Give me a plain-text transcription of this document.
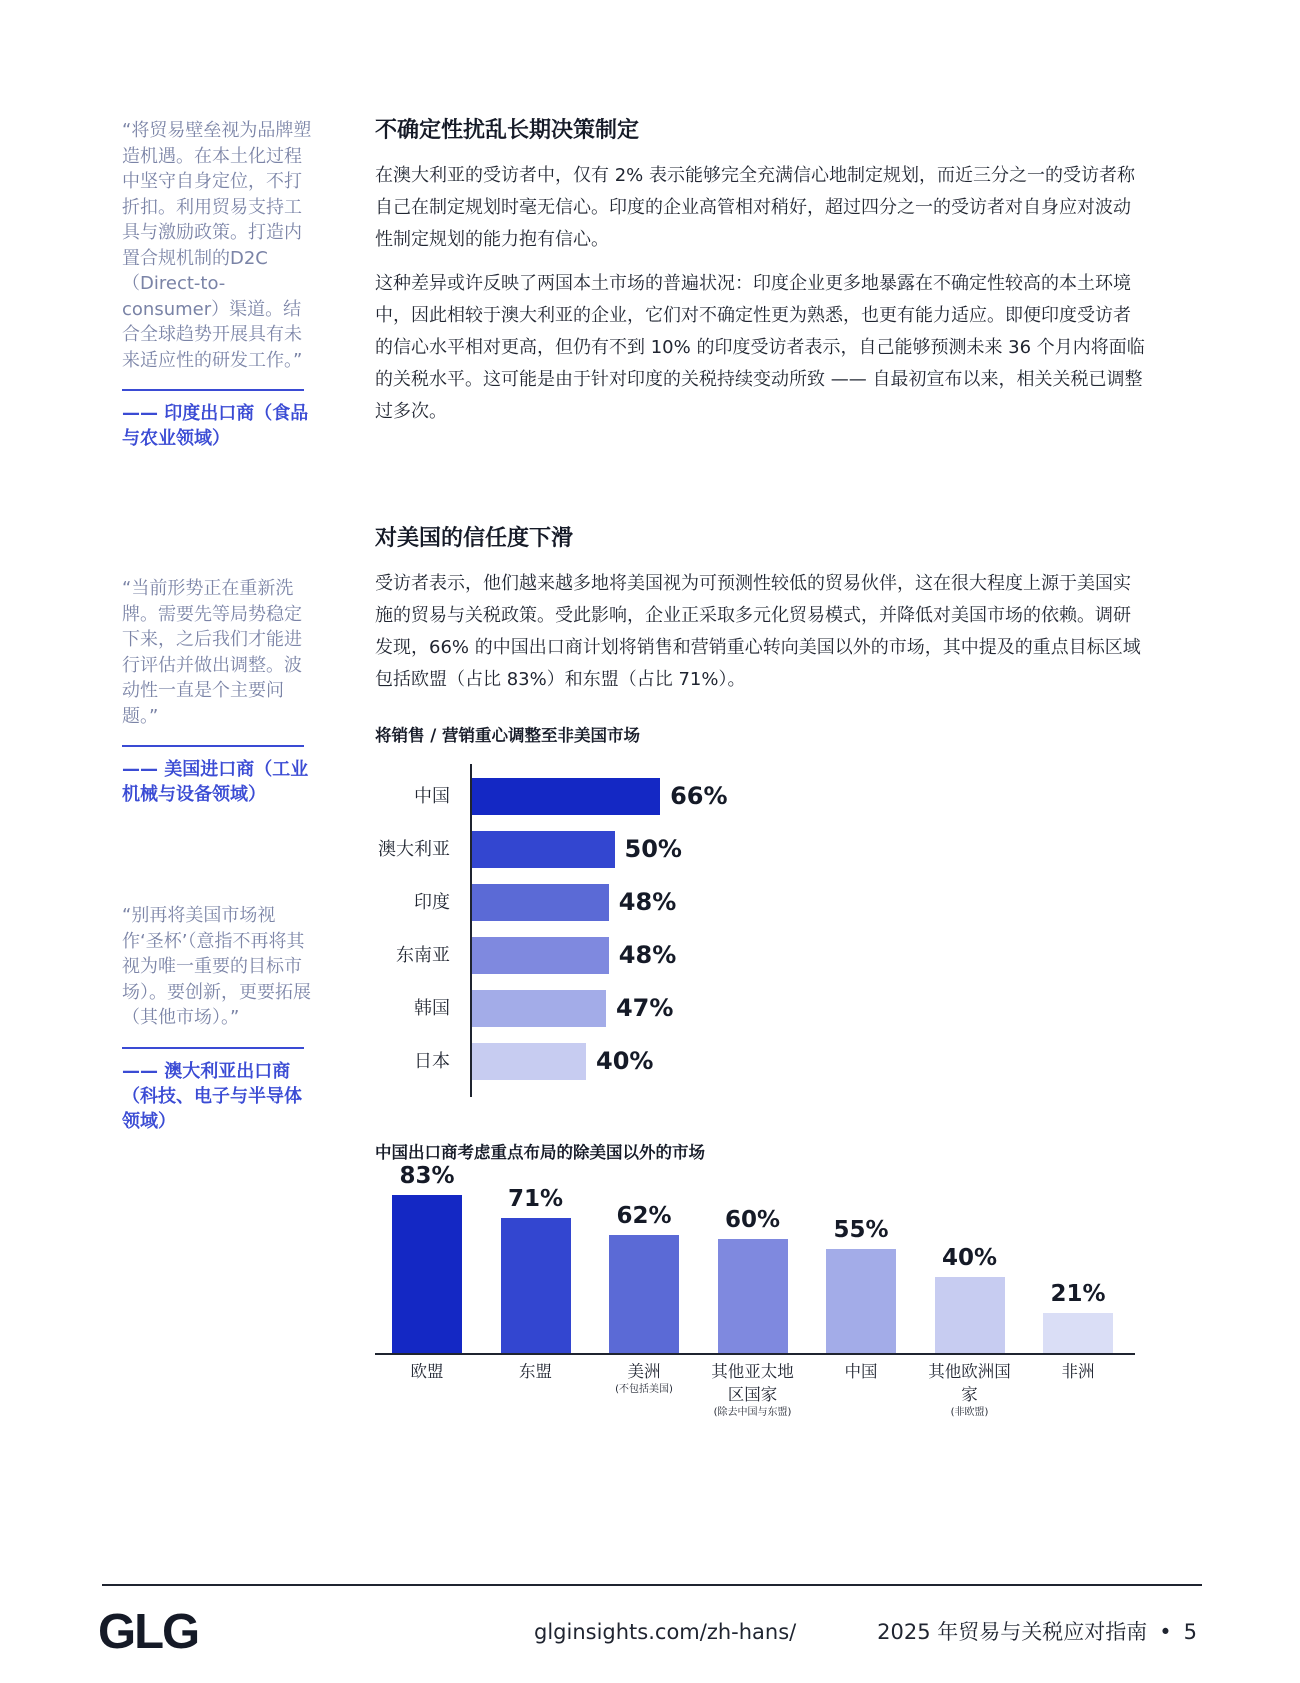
“将贸易壁垒视为品牌塑造机遇。在本土化过程中坚守自身定位，不打折扣。利用贸易支持工具与激励政策。打造内置合规机制的D2C（Direct-to-consumer）渠道。结合全球趋势开展具有未来适应性的研发工作。”
—— 印度出口商（食品与农业领域）
“当前形势正在重新洗牌。需要先等局势稳定下来，之后我们才能进行评估并做出调整。波动性一直是个主要问题。”
—— 美国进口商（工业机械与设备领域）
“别再将美国市场视作‘圣杯’（意指不再将其视为唯一重要的目标市场）。要创新，更要拓展（其他市场）。”
—— 澳大利亚出口商（科技、电子与半导体领域）
不确定性扰乱长期决策制定

在澳大利亚的受访者中，仅有 2% 表示能够完全充满信心地制定规划，而近三分之一的受访者称自己在制定规划时毫无信心。印度的企业高管相对稍好，超过四分之一的受访者对自身应对波动性制定规划的能力抱有信心。

这种差异或许反映了两国本土市场的普遍状况：印度企业更多地暴露在不确定性较高的本土环境中，因此相较于澳大利亚的企业，它们对不确定性更为熟悉，也更有能力适应。即便印度受访者的信心水平相对更高，但仍有不到 10% 的印度受访者表示，自己能够预测未来 36 个月内将面临的关税水平。这可能是由于针对印度的关税持续变动所致 —— 自最初宣布以来，相关关税已调整过多次。

对美国的信任度下滑

受访者表示，他们越来越多地将美国视为可预测性较低的贸易伙伴，这在很大程度上源于美国实施的贸易与关税政策。受此影响，企业正采取多元化贸易模式，并降低对美国市场的依赖。调研发现，66% 的中国出口商计划将销售和营销重心转向美国以外的市场，其中提及的重点目标区域包括欧盟（占比 83%）和东盟（占比 71%）。

将销售 / 营销重心调整至非美国市场
中国	66%
澳大利亚	50%
印度	48%
东南亚	48%
韩国	47%
日本	40%
中国出口商考虑重点布局的除美国以外的市场
83%
欧盟
71%
东盟
62%
美洲
(不包括美国)
60%
其他亚太地区国家
(除去中国与东盟)
55%
中国
40%
其他欧洲国家
(非欧盟)
21%
非洲
GLG	glginsights.com/zh-hans/	2025 年贸易与关税应对指南 • 5
